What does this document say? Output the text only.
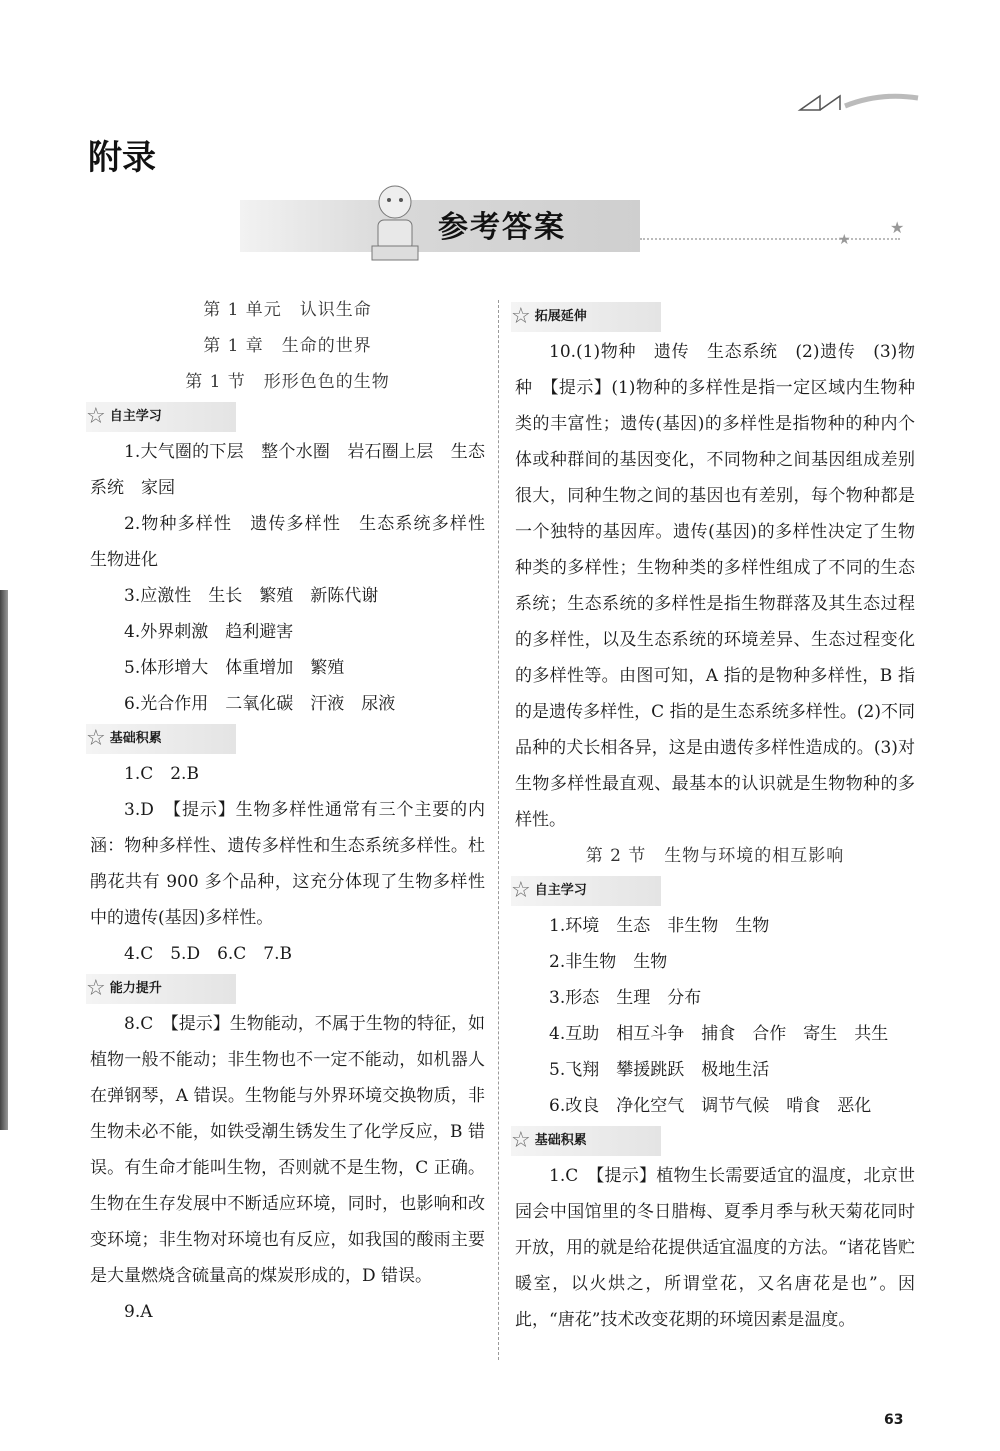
附录
参考答案	★
★
第 1 单元　认识生命
第 1 章　生命的世界
第 1 节　形形色色的生物
☆ 自主学习
1.大气圈的下层　整个水圈　岩石圈上层　生态系统　家园
2.物种多样性　遗传多样性　生态系统多样性　生物进化
3.应激性　生长　繁殖　新陈代谢
4.外界刺激　趋利避害
5.体形增大　体重增加　繁殖
6.光合作用　二氧化碳　汗液　尿液
☆ 基础积累
1.C　2.B
3.D　【提示】生物多样性通常有三个主要的内涵：物种多样性、遗传多样性和生态系统多样性。杜鹃花共有 900 多个品种，这充分体现了生物多样性中的遗传(基因)多样性。
4.C　5.D　6.C　7.B
☆ 能力提升
8.C　【提示】生物能动，不属于生物的特征，如植物一般不能动；非生物也不一定不能动，如机器人在弹钢琴，A 错误。生物能与外界环境交换物质，非生物未必不能，如铁受潮生锈发生了化学反应，B 错误。有生命才能叫生物，否则就不是生物，C 正确。生物在生存发展中不断适应环境，同时，也影响和改变环境；非生物对环境也有反应，如我国的酸雨主要是大量燃烧含硫量高的煤炭形成的，D 错误。
9.A
☆ 拓展延伸
10.(1)物种　遗传　生态系统　(2)遗传　(3)物种　【提示】(1)物种的多样性是指一定区域内生物种类的丰富性；遗传(基因)的多样性是指物种的种内个体或种群间的基因变化，不同物种之间基因组成差别很大，同种生物之间的基因也有差别，每个物种都是一个独特的基因库。遗传(基因)的多样性决定了生物种类的多样性；生物种类的多样性组成了不同的生态系统；生态系统的多样性是指生物群落及其生态过程的多样性，以及生态系统的环境差异、生态过程变化的多样性等。由图可知，A 指的是物种多样性，B 指的是遗传多样性，C 指的是生态系统多样性。(2)不同品种的犬长相各异，这是由遗传多样性造成的。(3)对生物多样性最直观、最基本的认识就是生物物种的多样性。
第 2 节　生物与环境的相互影响
☆ 自主学习
1.环境　生态　非生物　生物
2.非生物　生物
3.形态　生理　分布
4.互助　相互斗争　捕食　合作　寄生　共生
5.飞翔　攀援跳跃　极地生活
6.改良　净化空气　调节气候　啃食　恶化
☆ 基础积累
1.C　【提示】植物生长需要适宜的温度，北京世园会中国馆里的冬日腊梅、夏季月季与秋天菊花同时开放，用的就是给花提供适宜温度的方法。“诸花皆贮暖室，以火烘之，所谓堂花，又名唐花是也”。因此，“唐花”技术改变花期的环境因素是温度。
63
